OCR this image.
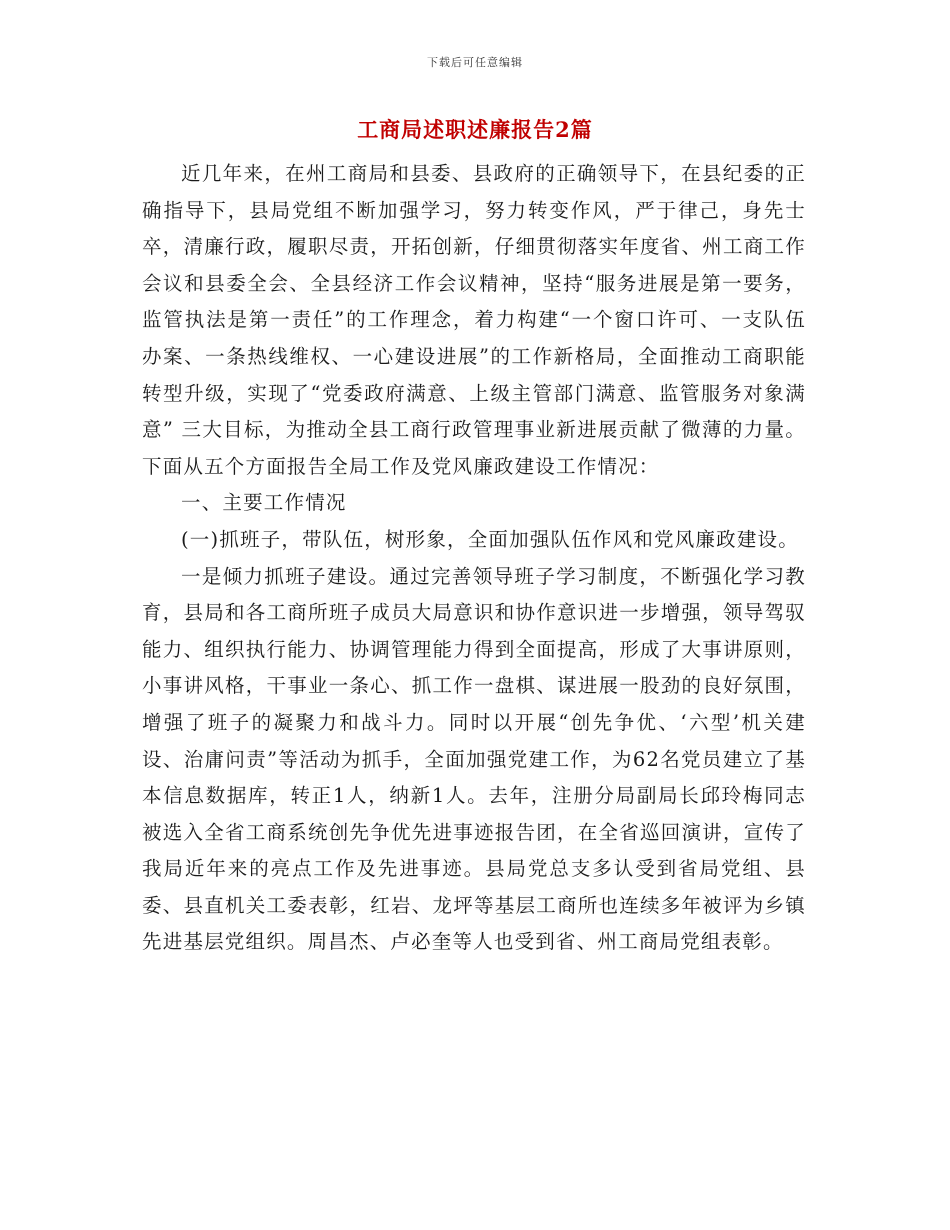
下载后可任意编辑
工商局述职述廉报告2篇

近几年来，在州工商局和县委、县政府的正确领导下，在县纪委的正确指导下，县局党组不断加强学习，努力转变作风，严于律己，身先士卒，清廉行政，履职尽责，开拓创新，仔细贯彻落实年度省、州工商工作会议和县委全会、全县经济工作会议精神，坚持“服务进展是第一要务，监管执法是第一责任”的工作理念，着力构建“一个窗口许可、一支队伍办案、一条热线维权、一心建设进展”的工作新格局，全面推动工商职能转型升级，实现了“党委政府满意、上级主管部门满意、监管服务对象满意” 三大目标，为推动全县工商行政管理事业新进展贡献了微薄的力量。下面从五个方面报告全局工作及党风廉政建设工作情况：

一、主要工作情况

(一)抓班子，带队伍，树形象，全面加强队伍作风和党风廉政建设。

一是倾力抓班子建设。通过完善领导班子学习制度，不断强化学习教育，县局和各工商所班子成员大局意识和协作意识进一步增强，领导驾驭能力、组织执行能力、协调管理能力得到全面提高，形成了大事讲原则，小事讲风格，干事业一条心、抓工作一盘棋、谋进展一股劲的良好氛围，增强了班子的凝聚力和战斗力。同时以开展“创先争优、‘六型’机关建设、治庸问责”等活动为抓手，全面加强党建工作，为62名党员建立了基本信息数据库，转正1人，纳新1人。去年，注册分局副局长邱玲梅同志被选入全省工商系统创先争优先进事迹报告团，在全省巡回演讲，宣传了我局近年来的亮点工作及先进事迹。县局党总支多认受到省局党组、县委、县直机关工委表彰，红岩、龙坪等基层工商所也连续多年被评为乡镇先进基层党组织。周昌杰、卢必奎等人也受到省、州工商局党组表彰。
